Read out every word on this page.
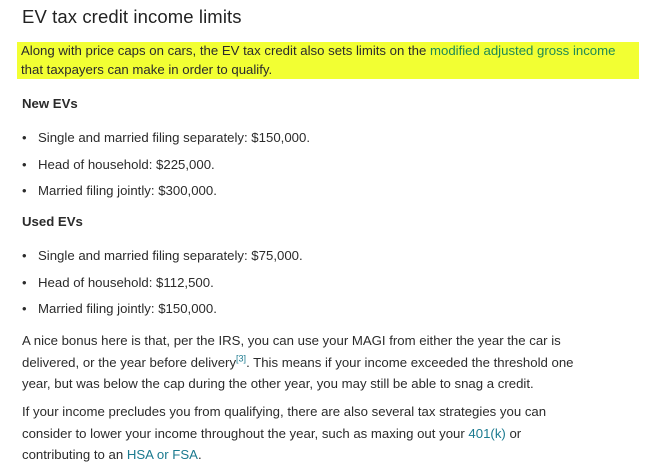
EV tax credit income limits

Along with price caps on cars, the EV tax credit also sets limits on the modified adjusted gross income that taxpayers can make in order to qualify.

New EVs
• Single and married filing separately: $150,000.
• Head of household: $225,000.
• Married filing jointly: $300,000.
Used EVs
• Single and married filing separately: $75,000.
• Head of household: $112,500.
• Married filing jointly: $150,000.

A nice bonus here is that, per the IRS, you can use your MAGI from either the year the car is
delivered, or the year before delivery[3]. This means if your income exceeded the threshold one
year, but was below the cap during the other year, you may still be able to snag a credit.

If your income precludes you from qualifying, there are also several tax strategies you can
consider to lower your income throughout the year, such as maxing out your 401(k) or
contributing to an HSA or FSA.
